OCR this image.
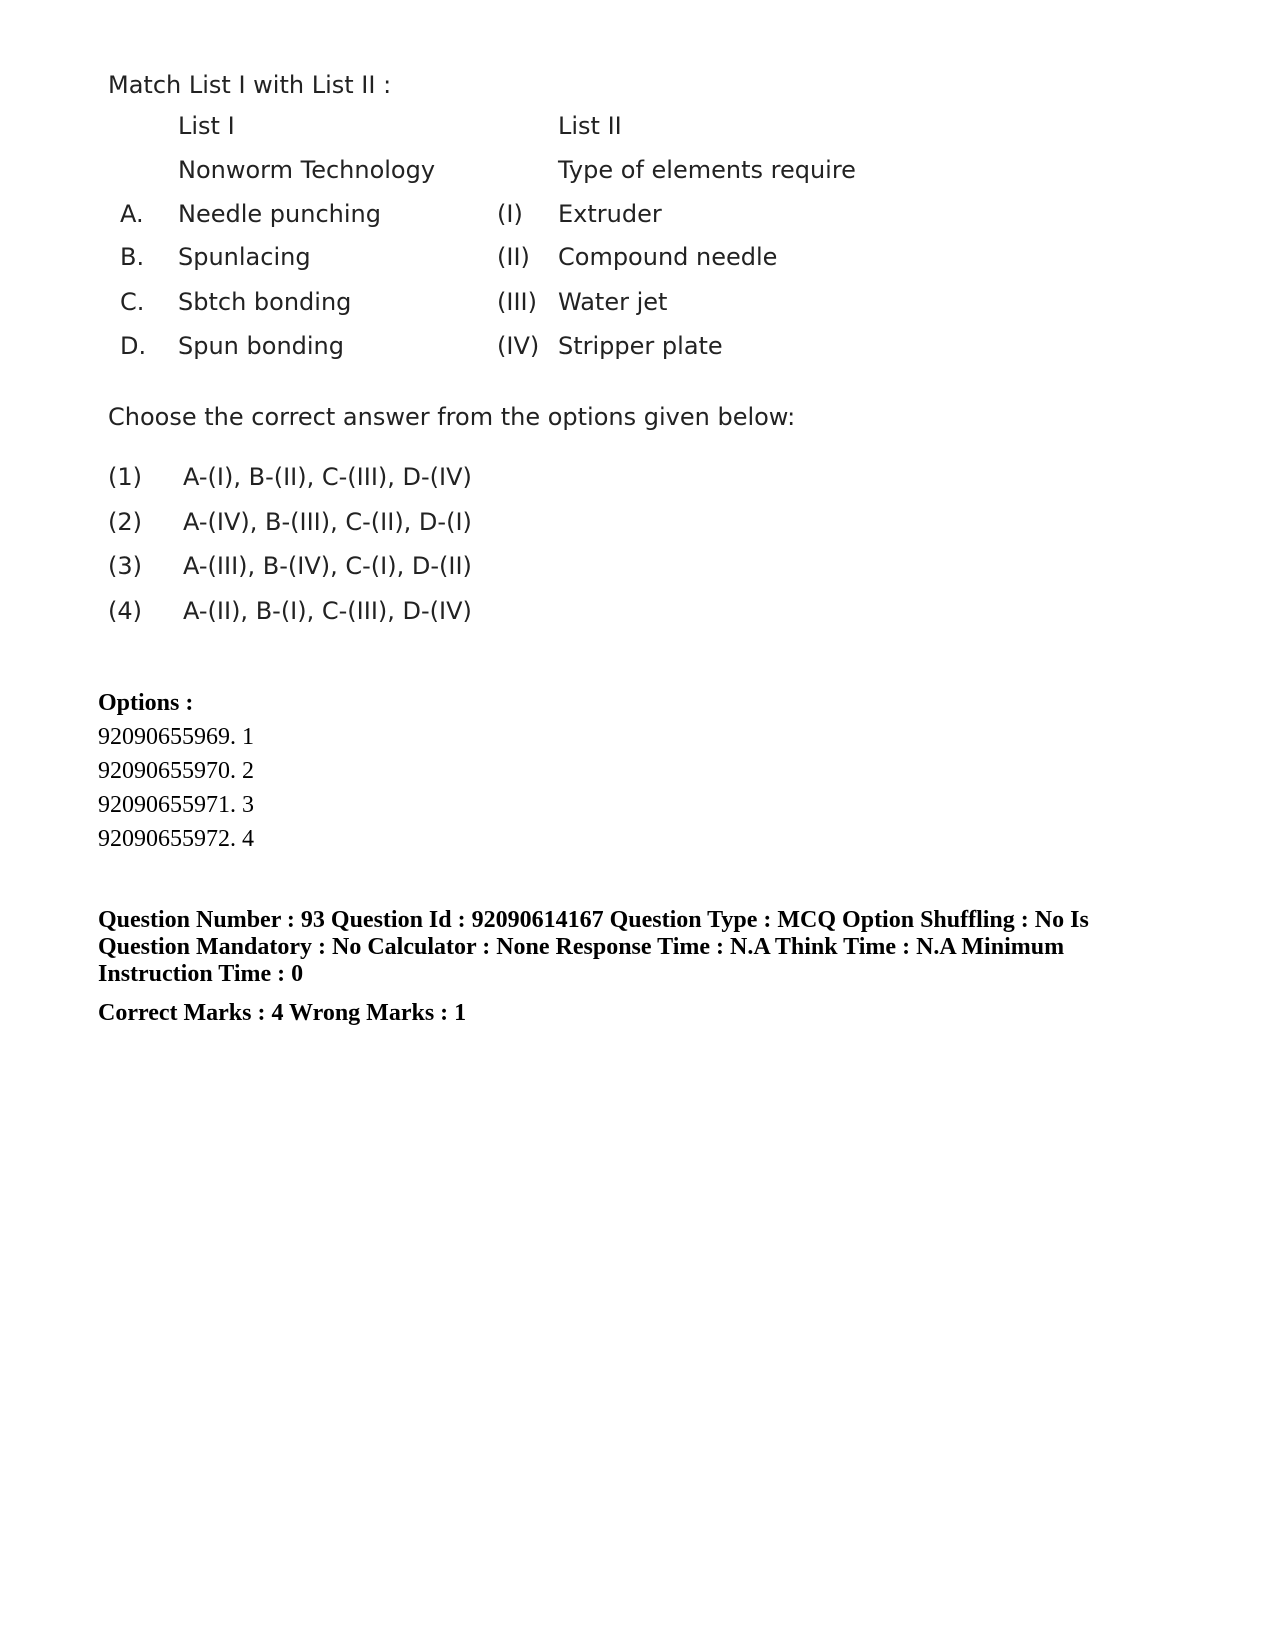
Match List I with List II :
List I	List II
Nonworm Technology	Type of elements require
A. Needle punching	(I) Extruder
B. Spunlacing	(II) Compound needle
C. Sbtch bonding	(III) Water jet
D. Spun bonding	(IV) Stripper plate
Choose the correct answer from the options given below:
(1) A-(I), B-(II), C-(III), D-(IV)
(2) A-(IV), B-(III), C-(II), D-(I)
(3) A-(III), B-(IV), C-(I), D-(II)
(4) A-(II), B-(I), C-(III), D-(IV)
Options :
92090655969. 1
92090655970. 2
92090655971. 3
92090655972. 4
Question Number : 93 Question Id : 92090614167 Question Type : MCQ Option Shuffling : No Is Question Mandatory : No Calculator : None Response Time : N.A Think Time : N.A Minimum Instruction Time : 0
Correct Marks : 4 Wrong Marks : 1
